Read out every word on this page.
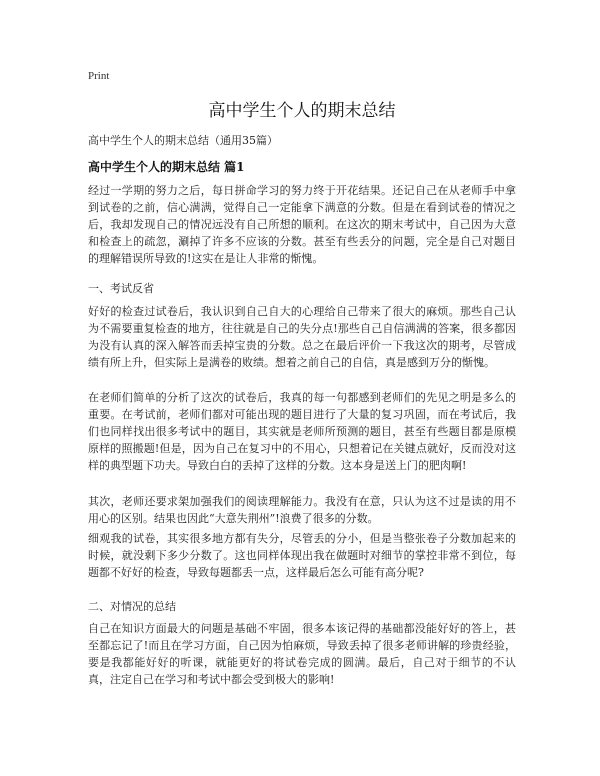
Print
高中学生个人的期末总结
高中学生个人的期末总结（通用35篇）
高中学生个人的期末总结 篇1

经过一学期的努力之后，每日拼命学习的努力终于开花结果。还记自己在从老师手中拿到试卷的之前，信心满满，觉得自己一定能拿下满意的分数。但是在看到试卷的情况之后，我却发现自己的情况远没有自己所想的顺利。在这次的期末考试中，自己因为大意和检查上的疏忽，涮掉了许多不应该的分数。甚至有些丢分的问题，完全是自己对题目的理解错误所导致的!这实在是让人非常的惭愧。

一、考试反省

好好的检查过试卷后，我认识到自己自大的心理给自己带来了很大的麻烦。那些自己认为不需要重复检查的地方，往往就是自己的失分点!那些自己自信满满的答案，很多都因为没有认真的深入解答而丢掉宝贵的分数。总之在最后评价一下我这次的期考，尽管成绩有所上升，但实际上是满卷的败绩。想着之前自己的自信，真是感到万分的惭愧。

在老师们简单的分析了这次的试卷后，我真的每一句都感到老师们的先见之明是多么的重要。在考试前，老师们都对可能出现的题目进行了大量的复习巩固，而在考试后，我们也同样找出很多考试中的题目，其实就是老师所预测的题目，甚至有些题目都是原模原样的照搬题!但是，因为自己在复习中的不用心，只想着记在关键点就好，反而没对这样的典型题下功夫。导致白白的丢掉了这样的分数。这本身是送上门的肥肉啊!

其次，老师还要求架加强我们的阅读理解能力。我没有在意，只认为这不过是读的用不用心的区别。结果也因此“大意失荆州”!浪费了很多的分数。

细观我的试卷，其实很多地方都有失分，尽管丢的分小，但是当整张卷子分数加起来的时候，就没剩下多少分数了。这也同样体现出我在做题时对细节的掌控非常不到位，每题都不好好的检查，导致每题都丢一点，这样最后怎么可能有高分呢?

二、对情况的总结

自己在知识方面最大的问题是基础不牢固，很多本该记得的基础都没能好好的答上，甚至都忘记了!而且在学习方面，自己因为怕麻烦，导致丢掉了很多老师讲解的珍贵经验，要是我都能好好的听课，就能更好的将试卷完成的圆满。最后，自己对于细节的不认真，注定自己在学习和考试中都会受到极大的影响!
